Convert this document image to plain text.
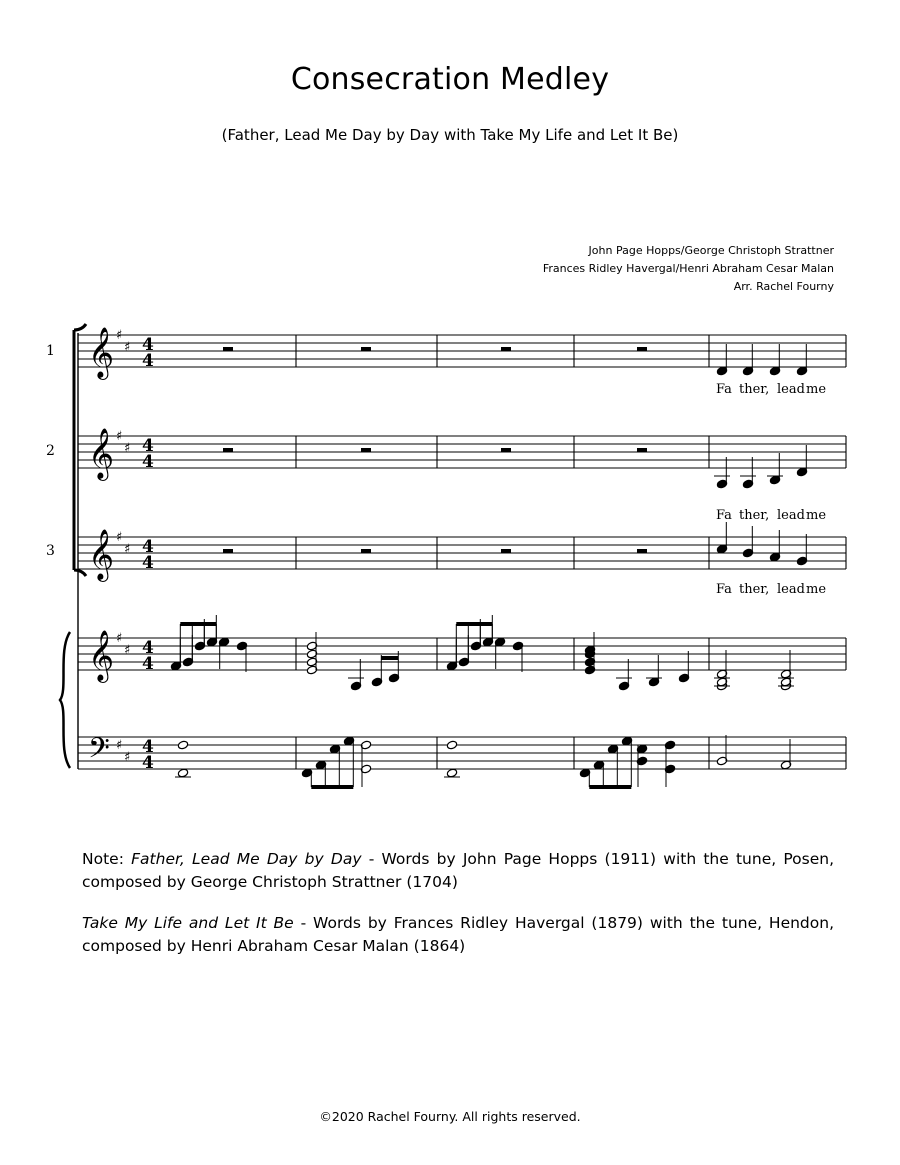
Consecration Medley
(Father, Lead Me Day by Day with Take My Life and Let It Be)
John Page Hopps/George Christoph Strattner
Frances Ridley Havergal/Henri Abraham Cesar Malan
Arr. Rachel Fourny
1
2
3
𝄞 ♯
♯ 4
4
𝄞 ♯
♯ 4
4
𝄞 ♯
♯ 4
4
𝄞 ♯
♯ 4
4
𝄢 ♯
♯
4
4
Fa ther, lead me
Fa ther, lead me
Fa ther, lead me

Note: Father, Lead Me Day by Day - Words by John Page Hopps (1911) with the tune, Posen, composed by George Christoph Strattner (1704)

Take My Life and Let It Be - Words by Frances Ridley Havergal (1879) with the tune, Hendon, composed by Henri Abraham Cesar Malan (1864)

©2020 Rachel Fourny. All rights reserved.
